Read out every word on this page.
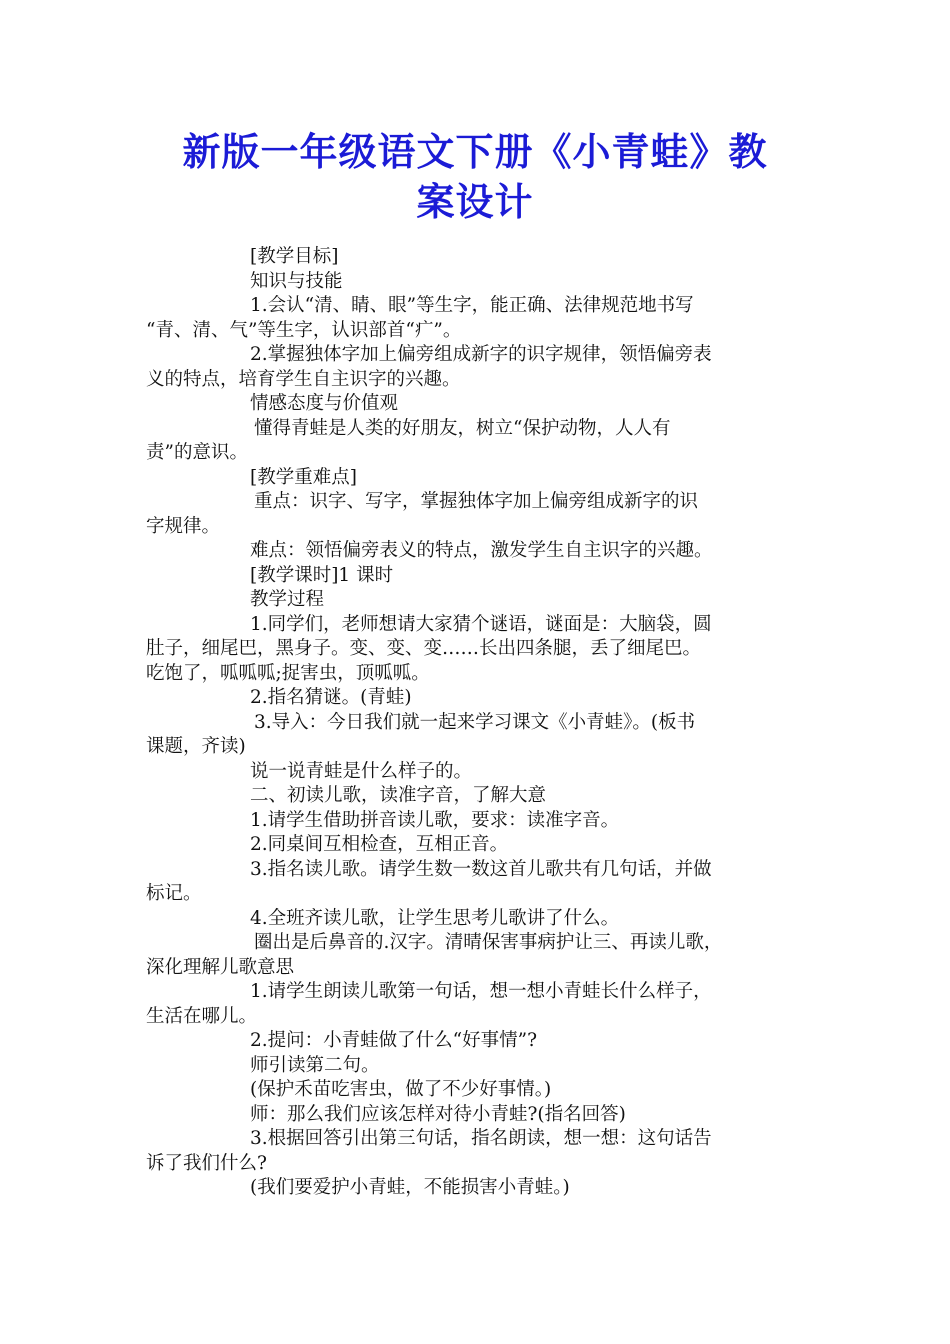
新版一年级语文下册《小青蛙》教
案设计
[教学目标]
知识与技能
1.会认“清、睛、眼”等生字，能正确、法律规范地书写
“青、清、气”等生字，认识部首“疒”。
2.掌握独体字加上偏旁组成新字的识字规律，领悟偏旁表
义的特点，培育学生自主识字的兴趣。
情感态度与价值观
懂得青蛙是人类的好朋友，树立“保护动物，人人有
责”的意识。
[教学重难点]
重点：识字、写字，掌握独体字加上偏旁组成新字的识
字规律。
难点：领悟偏旁表义的特点，激发学生自主识字的兴趣。
[教学课时]1 课时
教学过程
1.同学们，老师想请大家猜个谜语，谜面是：大脑袋，圆
肚子，细尾巴，黑身子。变、变、变……长出四条腿，丢了细尾巴。
吃饱了，呱呱呱;捉害虫，顶呱呱。
2.指名猜谜。(青蛙)
3.导入：今日我们就一起来学习课文《小青蛙》。(板书
课题，齐读)
说一说青蛙是什么样子的。
二、初读儿歌，读准字音，了解大意
1.请学生借助拼音读儿歌，要求：读准字音。
2.同桌间互相检查，互相正音。
3.指名读儿歌。请学生数一数这首儿歌共有几句话，并做
标记。
4.全班齐读儿歌，让学生思考儿歌讲了什么。
圈出是后鼻音的.汉字。清晴保害事病护让三、再读儿歌，
深化理解儿歌意思
1.请学生朗读儿歌第一句话，想一想小青蛙长什么样子，
生活在哪儿。
2.提问：小青蛙做了什么“好事情”?
师引读第二句。
(保护禾苗吃害虫，做了不少好事情。)
师：那么我们应该怎样对待小青蛙?(指名回答)
3.根据回答引出第三句话，指名朗读，想一想：这句话告
诉了我们什么?
(我们要爱护小青蛙，不能损害小青蛙。)
